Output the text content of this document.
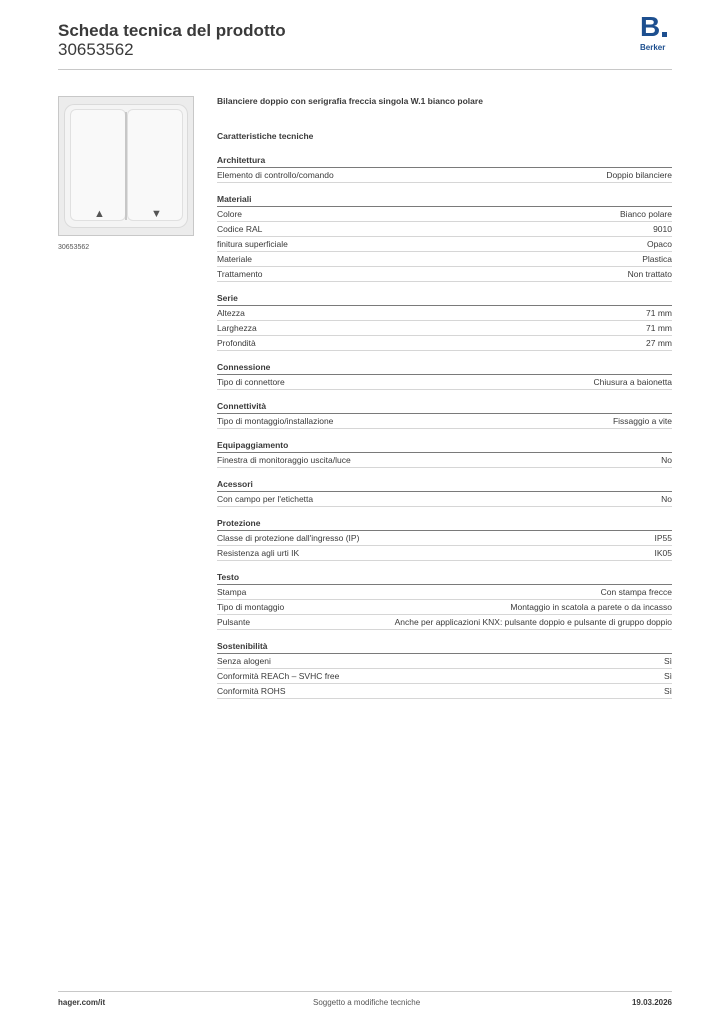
Scheda tecnica del prodotto
30653562
B
Berker
▲	▼
30653562
Bilanciere doppio con serigrafia freccia singola W.1 bianco polare
Caratteristiche tecniche
Architettura
Elemento di controllo/comando	Doppio bilanciere
Materiali
Colore	Bianco polare
Codice RAL	9010
finitura superficiale	Opaco
Materiale	Plastica
Trattamento	Non trattato
Serie
Altezza	71 mm
Larghezza	71 mm
Profondità	27 mm
Connessione
Tipo di connettore	Chiusura a baionetta
Connettività
Tipo di montaggio/installazione	Fissaggio a vite
Equipaggiamento
Finestra di monitoraggio uscita/luce	No
Acessori
Con campo per l'etichetta	No
Protezione
Classe di protezione dall'ingresso (IP)	IP55
Resistenza agli urti IK	IK05
Testo
Stampa	Con stampa frecce
Tipo di montaggio	Montaggio in scatola a parete o da incasso
Pulsante	Anche per applicazioni KNX: pulsante doppio e pulsante di gruppo doppio
Sostenibilità
Senza alogeni	Sì
Conformità REACh – SVHC free	Sì
Conformità ROHS	Sì
hager.com/it	Soggetto a modifiche tecniche	19.03.2026
